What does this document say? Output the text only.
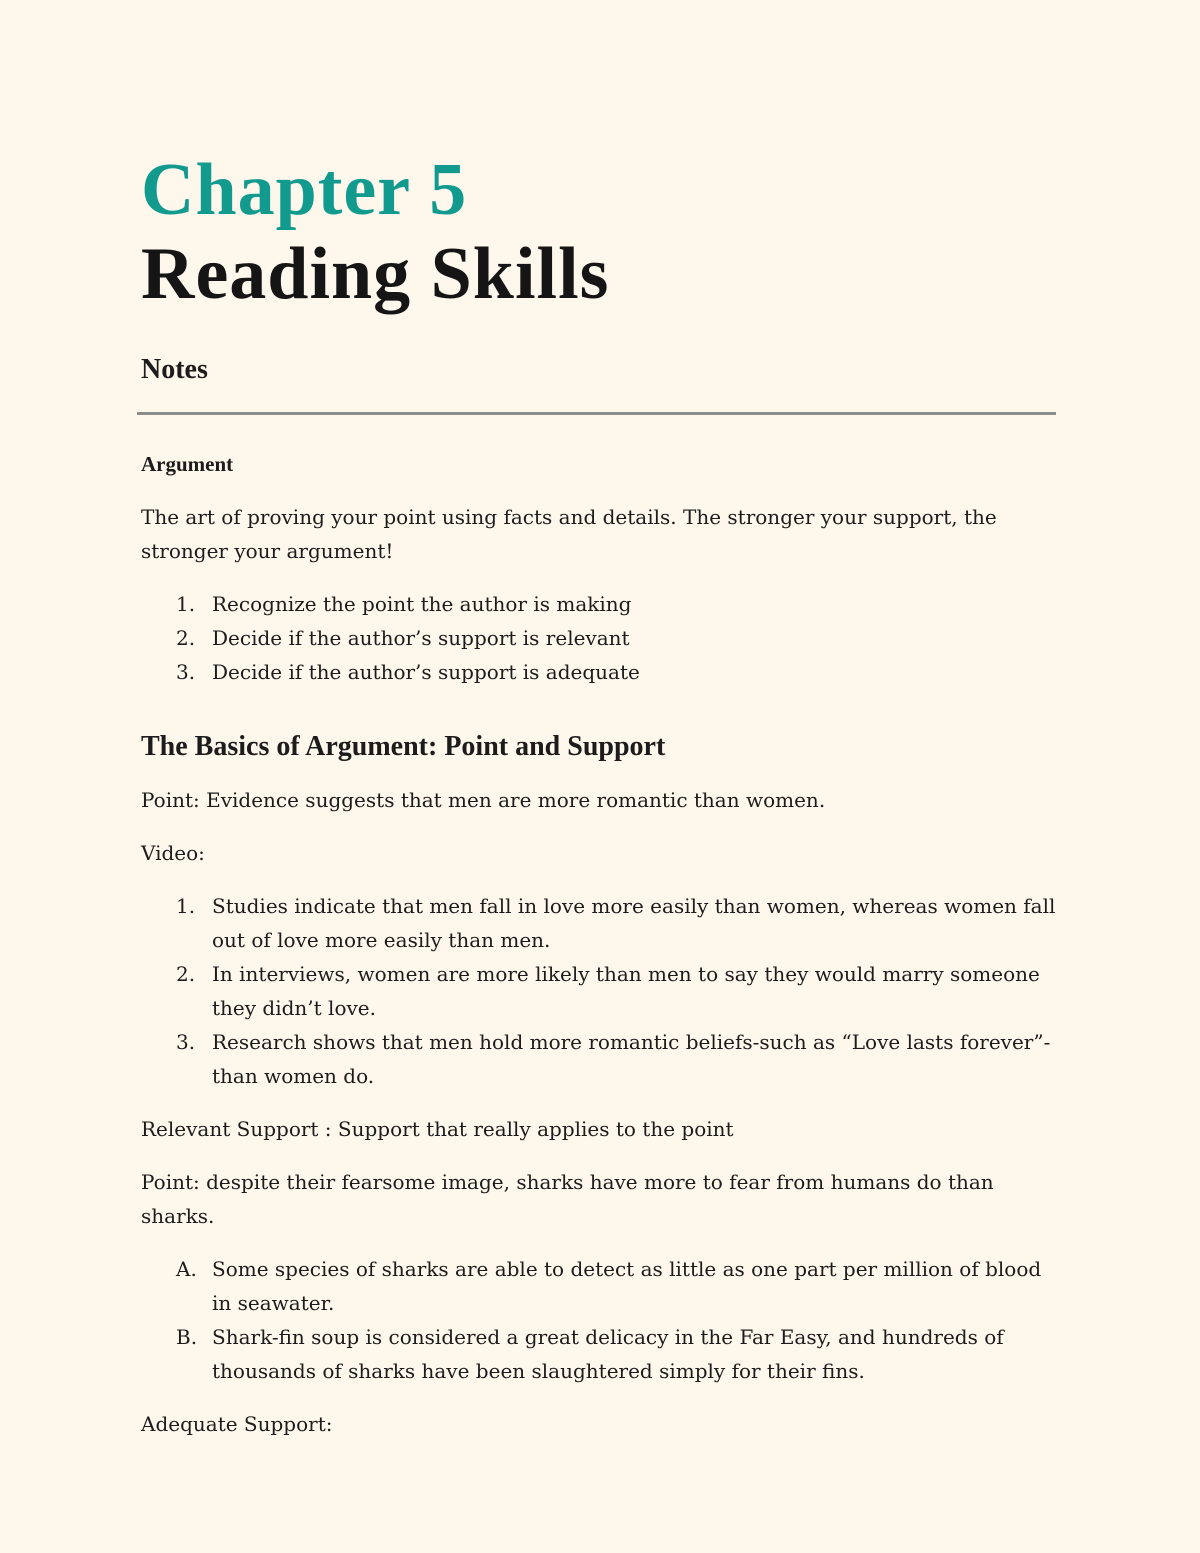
Chapter 5
Reading Skills
Notes

Argument

The art of proving your point using facts and details. The stronger your support, the stronger your argument!

1. Recognize the point the author is making
2. Decide if the author’s support is relevant
3. Decide if the author’s support is adequate

The Basics of Argument: Point and Support

Point: Evidence suggests that men are more romantic than women.

Video:

1. Studies indicate that men fall in love more easily than women, whereas women fall out of love more easily than men.
2. In interviews, women are more likely than men to say they would marry someone they didn’t love.
3. Research shows that men hold more romantic beliefs-such as “Love lasts forever”-than women do.

Relevant Support : Support that really applies to the point

Point: despite their fearsome image, sharks have more to fear from humans do than sharks.

A. Some species of sharks are able to detect as little as one part per million of blood in seawater.
B. Shark-fin soup is considered a great delicacy in the Far Easy, and hundreds of thousands of sharks have been slaughtered simply for their fins.

Adequate Support:
